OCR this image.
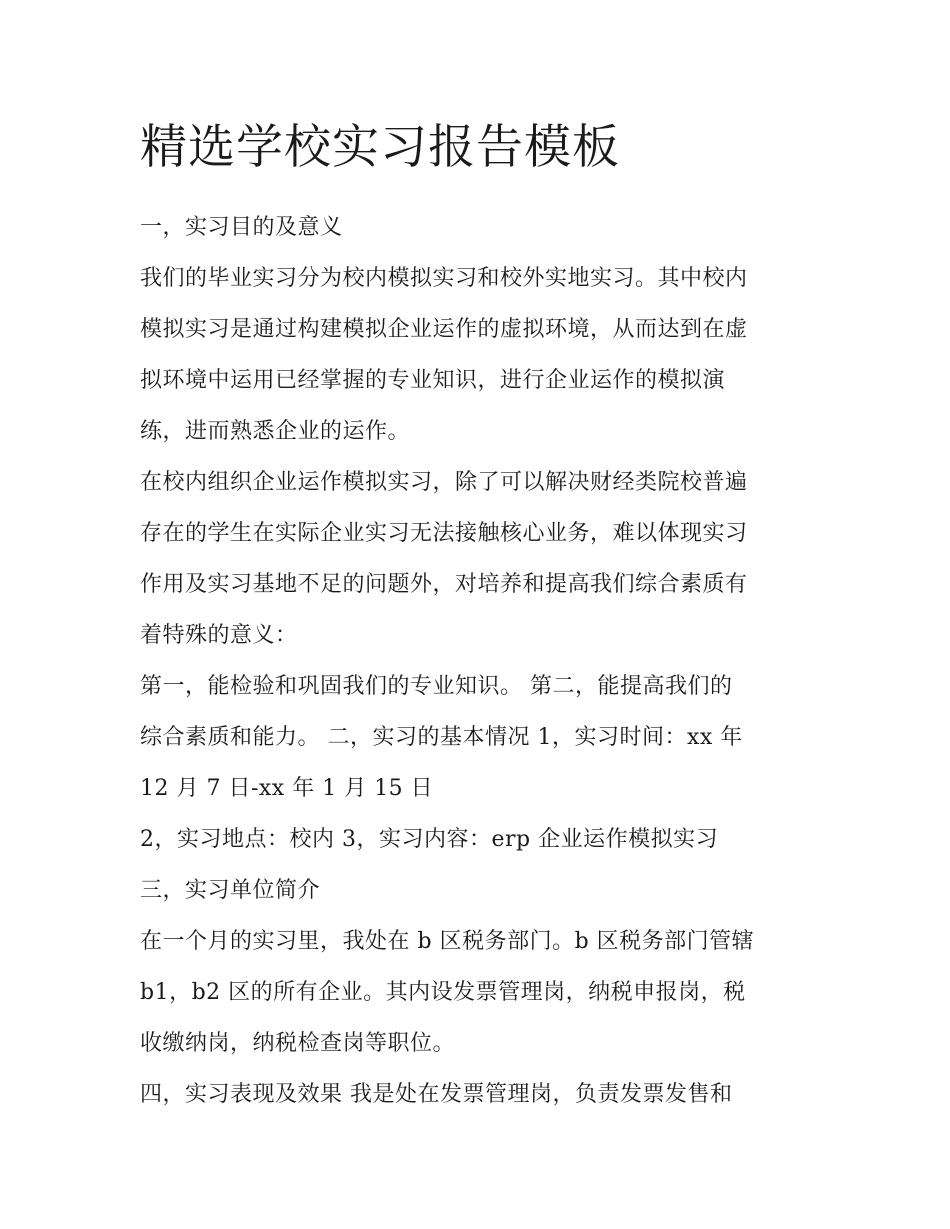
精选学校实习报告模板

一，实习目的及意义

我们的毕业实习分为校内模拟实习和校外实地实习。其中校内
模拟实习是通过构建模拟企业运作的虚拟环境，从而达到在虚
拟环境中运用已经掌握的专业知识，进行企业运作的模拟演
练，进而熟悉企业的运作。

在校内组织企业运作模拟实习，除了可以解决财经类院校普遍
存在的学生在实际企业实习无法接触核心业务，难以体现实习
作用及实习基地不足的问题外，对培养和提高我们综合素质有
着特殊的意义：

第一，能检验和巩固我们的专业知识。 第二，能提高我们的
综合素质和能力。 二，实习的基本情况 1，实习时间：xx 年
12 月 7 日-xx 年 1 月 15 日

2，实习地点：校内 3，实习内容：erp 企业运作模拟实习

三，实习单位简介

在一个月的实习里，我处在 b 区税务部门。b 区税务部门管辖
b1，b2 区的所有企业。其内设发票管理岗，纳税申报岗，税
收缴纳岗，纳税检查岗等职位。

四，实习表现及效果 我是处在发票管理岗，负责发票发售和
